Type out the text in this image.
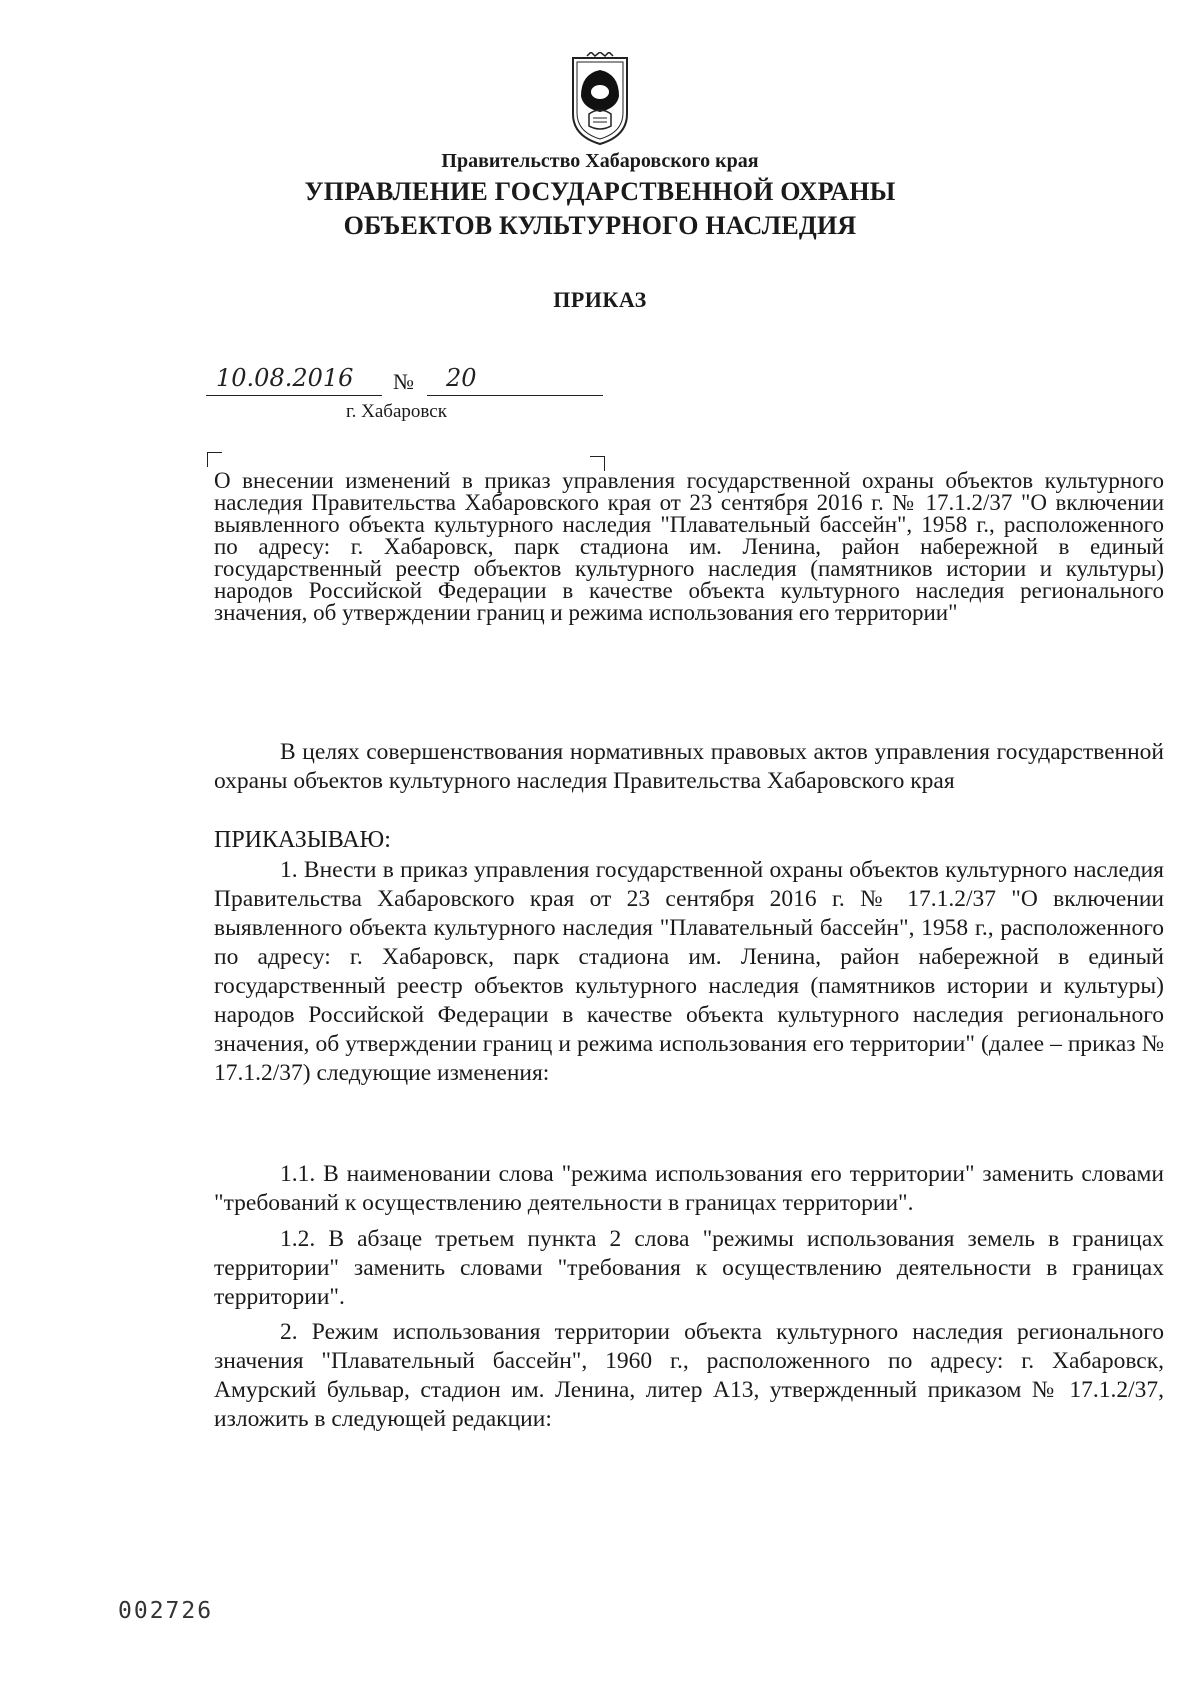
Правительство Хабаровского края
УПРАВЛЕНИЕ ГОСУДАРСТВЕННОЙ ОХРАНЫ
ОБЪЕКТОВ КУЛЬТУРНОГО НАСЛЕДИЯ
ПРИКАЗ
10.08.2016 № 20
г. Хабаровск
О внесении изменений в приказ управления государственной охраны объектов культурного наследия Правительства Хабаровского края от 23 сентября 2016 г. № 17.1.2/37 "О включении выявленного объекта культурного наследия "Плавательный бассейн", 1958 г., расположенного по адресу: г. Хабаровск, парк стадиона им. Ленина, район набережной в единый государственный реестр объектов культурного наследия (памятников истории и культуры) народов Российской Федерации в качестве объекта культурного наследия регионального значения, об утверждении границ и режима использования его территории"
В целях совершенствования нормативных правовых актов управления государственной охраны объектов культурного наследия Правительства Хабаровского края
ПРИКАЗЫВАЮ:
1. Внести в приказ управления государственной охраны объектов культурного наследия Правительства Хабаровского края от 23 сентября 2016 г. № 17.1.2/37 "О включении выявленного объекта культурного наследия "Плавательный бассейн", 1958 г., расположенного по адресу: г. Хабаровск, парк стадиона им. Ленина, район набережной в единый государственный реестр объектов культурного наследия (памятников истории и культуры) народов Российской Федерации в качестве объекта культурного наследия регионального значения, об утверждении границ и режима использования его территории" (далее – приказ № 17.1.2/37) следующие изменения:
1.1. В наименовании слова "режима использования его территории" заменить словами "требований к осуществлению деятельности в границах территории".
1.2. В абзаце третьем пункта 2 слова "режимы использования земель в границах территории" заменить словами "требования к осуществлению деятельности в границах территории".
2. Режим использования территории объекта культурного наследия регионального значения "Плавательный бассейн", 1960 г., расположенного по адресу: г. Хабаровск, Амурский бульвар, стадион им. Ленина, литер А13, утвержденный приказом № 17.1.2/37, изложить в следующей редакции:
002726
